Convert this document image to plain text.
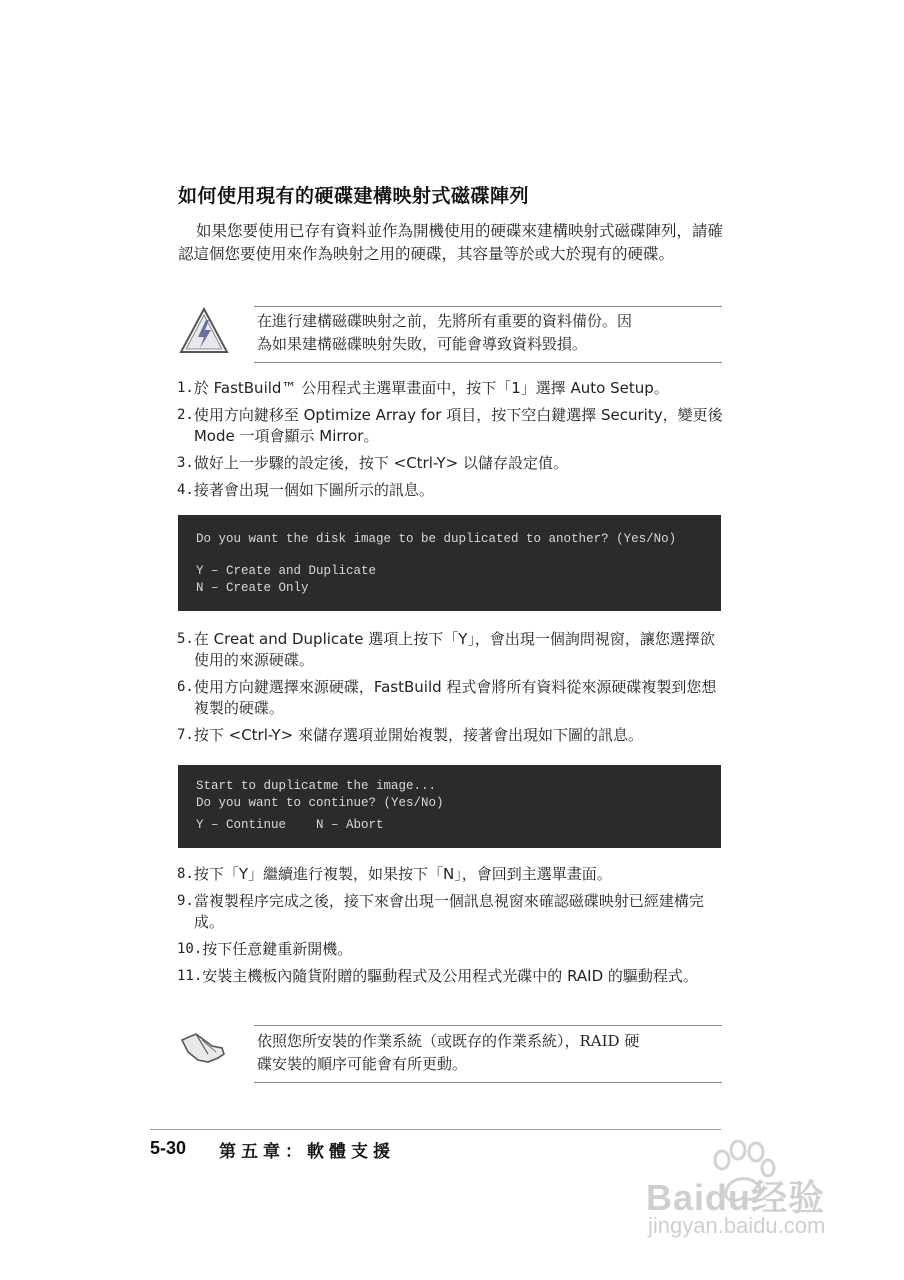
如何使用現有的硬碟建構映射式磁碟陣列
如果您要使用已存有資料並作為開機使用的硬碟來建構映射式磁碟陣列，請確認這個您要使用來作為映射之用的硬碟，其容量等於或大於現有的硬碟。
在進行建構磁碟映射之前，先將所有重要的資料備份。因
為如果建構磁碟映射失敗，可能會導致資料毀損。
1. 於 FastBuild™ 公用程式主選單畫面中，按下「1」選擇 Auto Setup。
2. 使用方向鍵移至 Optimize Array for 項目，按下空白鍵選擇 Security，變更後 Mode 一項會顯示 Mirror。
3. 做好上一步驟的設定後，按下 <Ctrl-Y> 以儲存設定值。
4. 接著會出現一個如下圖所示的訊息。
Do you want the disk image to be duplicated to another? (Yes/No)
Y – Create and Duplicate
N – Create Only
5. 在 Creat and Duplicate 選項上按下「Y」，會出現一個詢問視窗，讓您選擇欲使用的來源硬碟。
6. 使用方向鍵選擇來源硬碟，FastBuild 程式會將所有資料從來源硬碟複製到您想複製的硬碟。
7. 按下 <Ctrl-Y> 來儲存選項並開始複製，接著會出現如下圖的訊息。
Start to duplicatme the image...
Do you want to continue? (Yes/No)
Y – Continue    N – Abort
8. 按下「Y」繼續進行複製，如果按下「N」，會回到主選單畫面。
9. 當複製程序完成之後，接下來會出現一個訊息視窗來確認磁碟映射已經建構完成。
10. 按下任意鍵重新開機。
11. 安裝主機板內隨貨附贈的驅動程式及公用程式光碟中的 RAID 的驅動程式。
依照您所安裝的作業系統（或既存的作業系統），RAID 硬
碟安裝的順序可能會有所更動。
5-30 第五章：軟體支援
Baidu经验
jingyan.baidu.com
